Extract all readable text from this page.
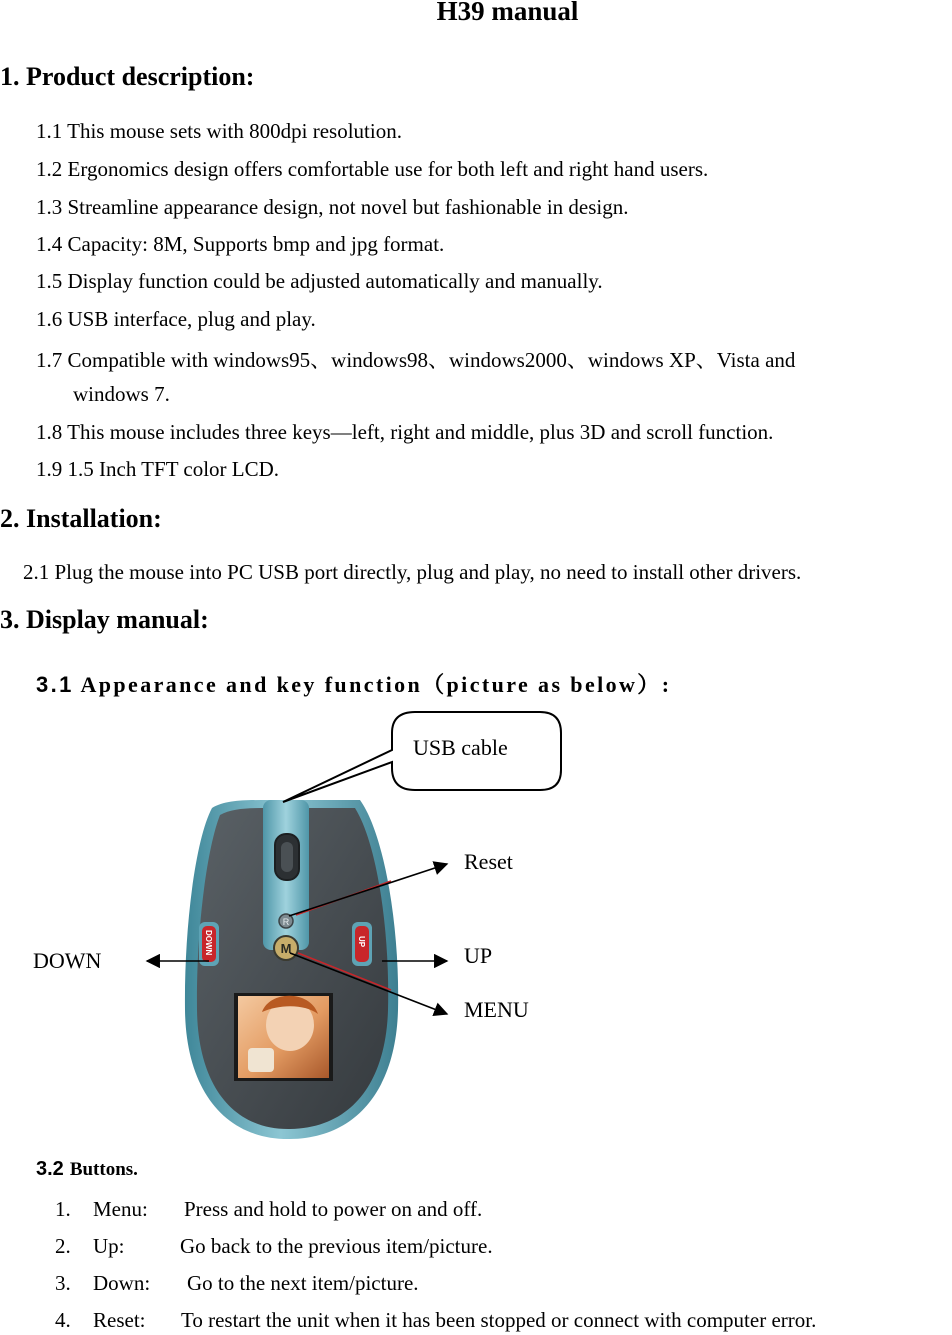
H39 manual
1. Product description:
1.1 This mouse sets with 800dpi resolution.
1.2 Ergonomics design offers comfortable use for both left and right hand users.
1.3 Streamline appearance design, not novel but fashionable in design.
1.4 Capacity: 8M, Supports bmp and jpg format.
1.5 Display function could be adjusted automatically and manually.
1.6 USB interface, plug and play.
1.7 Compatible with windows95、windows98、windows2000、windows XP、Vista and
windows 7.
1.8 This mouse includes three keys—left, right and middle, plus 3D and scroll function.
1.9 1.5 Inch TFT color LCD.
2. Installation:
2.1 Plug the mouse into PC USB port directly, plug and play, no need to install other drivers.
3. Display manual:
3.1 Appearance and key function（picture as below）:
R
M
DOWN	UP
USB cable
Reset
UP
MENU
DOWN
3.2 Buttons.
1. Menu: Press and hold to power on and off.
2. Up:	Go back to the previous item/picture.
3. Down: Go to the next item/picture.
4. Reset: To restart the unit when it has been stopped or connect with computer error.
